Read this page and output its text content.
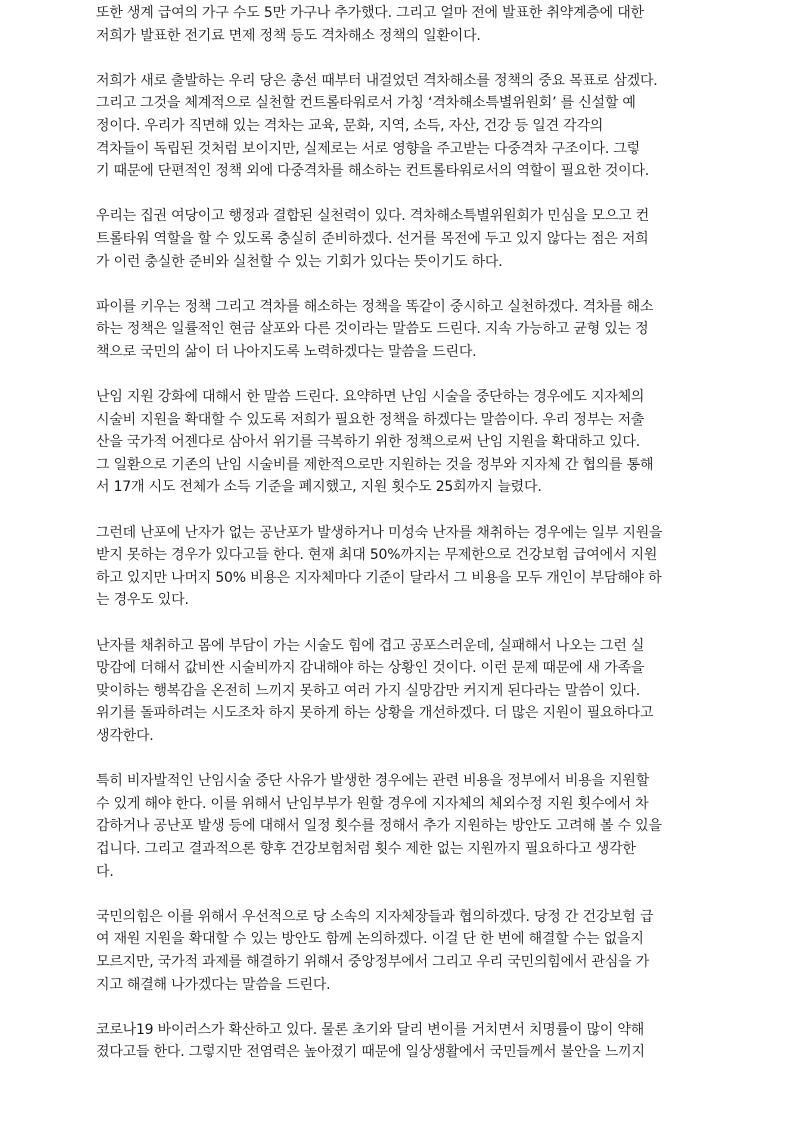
또한 생계 급여의 가구 수도 5만 가구나 추가했다. 그리고 얼마 전에 발표한 취약계층에 대한
저희가 발표한 전기료 면제 정책 등도 격차해소 정책의 일환이다.

저희가 새로 출발하는 우리 당은 총선 때부터 내걸었던 격차해소를 정책의 중요 목표로 삼겠다.
그리고 그것을 체계적으로 실천할 컨트롤타워로서 가칭 ‘격차해소특별위원회’ 를 신설할 예
정이다. 우리가 직면해 있는 격차는 교육, 문화, 지역, 소득, 자산, 건강 등 일견 각각의
격차들이 독립된 것처럼 보이지만, 실제로는 서로 영향을 주고받는 다중격차 구조이다. 그렇
기 때문에 단편적인 정책 외에 다중격차를 해소하는 컨트롤타워로서의 역할이 필요한 것이다.

우리는 집권 여당이고 행정과 결합된 실천력이 있다. 격차해소특별위원회가 민심을 모으고 컨
트롤타워 역할을 할 수 있도록 충실히 준비하겠다. 선거를 목전에 두고 있지 않다는 점은 저희
가 이런 충실한 준비와 실천할 수 있는 기회가 있다는 뜻이기도 하다.

파이를 키우는 정책 그리고 격차를 해소하는 정책을 똑같이 중시하고 실천하겠다. 격차를 해소
하는 정책은 일률적인 현금 살포와 다른 것이라는 말씀도 드린다. 지속 가능하고 균형 있는 정
책으로 국민의 삶이 더 나아지도록 노력하겠다는 말씀을 드린다.

난임 지원 강화에 대해서 한 말씀 드린다. 요약하면 난임 시술을 중단하는 경우에도 지자체의
시술비 지원을 확대할 수 있도록 저희가 필요한 정책을 하겠다는 말씀이다. 우리 정부는 저출
산을 국가적 어젠다로 삼아서 위기를 극복하기 위한 정책으로써 난임 지원을 확대하고 있다.
그 일환으로 기존의 난임 시술비를 제한적으로만 지원하는 것을 정부와 지자체 간 협의를 통해
서 17개 시도 전체가 소득 기준을 폐지했고, 지원 횟수도 25회까지 늘렸다.

그런데 난포에 난자가 없는 공난포가 발생하거나 미성숙 난자를 채취하는 경우에는 일부 지원을
받지 못하는 경우가 있다고들 한다. 현재 최대 50%까지는 무제한으로 건강보험 급여에서 지원
하고 있지만 나머지 50% 비용은 지자체마다 기준이 달라서 그 비용을 모두 개인이 부담해야 하
는 경우도 있다.

난자를 채취하고 몸에 부담이 가는 시술도 힘에 겹고 공포스러운데, 실패해서 나오는 그런 실
망감에 더해서 값비싼 시술비까지 감내해야 하는 상황인 것이다. 이런 문제 때문에 새 가족을
맞이하는 행복감을 온전히 느끼지 못하고 여러 가지 실망감만 커지게 된다라는 말씀이 있다.
위기를 돌파하려는 시도조차 하지 못하게 하는 상황을 개선하겠다. 더 많은 지원이 필요하다고
생각한다.

특히 비자발적인 난임시술 중단 사유가 발생한 경우에는 관련 비용을 정부에서 비용을 지원할
수 있게 해야 한다. 이를 위해서 난임부부가 원할 경우에 지자체의 체외수정 지원 횟수에서 차
감하거나 공난포 발생 등에 대해서 일정 횟수를 정해서 추가 지원하는 방안도 고려해 볼 수 있을
겁니다. 그리고 결과적으론 향후 건강보험처럼 횟수 제한 없는 지원까지 필요하다고 생각한
다.

국민의힘은 이를 위해서 우선적으로 당 소속의 지자체장들과 협의하겠다. 당정 간 건강보험 급
여 재원 지원을 확대할 수 있는 방안도 함께 논의하겠다. 이걸 단 한 번에 해결할 수는 없을지
모르지만, 국가적 과제를 해결하기 위해서 중앙정부에서 그리고 우리 국민의힘에서 관심을 가
지고 해결해 나가겠다는 말씀을 드린다.

코로나19 바이러스가 확산하고 있다. 물론 초기와 달리 변이를 거치면서 치명률이 많이 약해
졌다고들 한다. 그렇지만 전염력은 높아졌기 때문에 일상생활에서 국민들께서 불안을 느끼지
